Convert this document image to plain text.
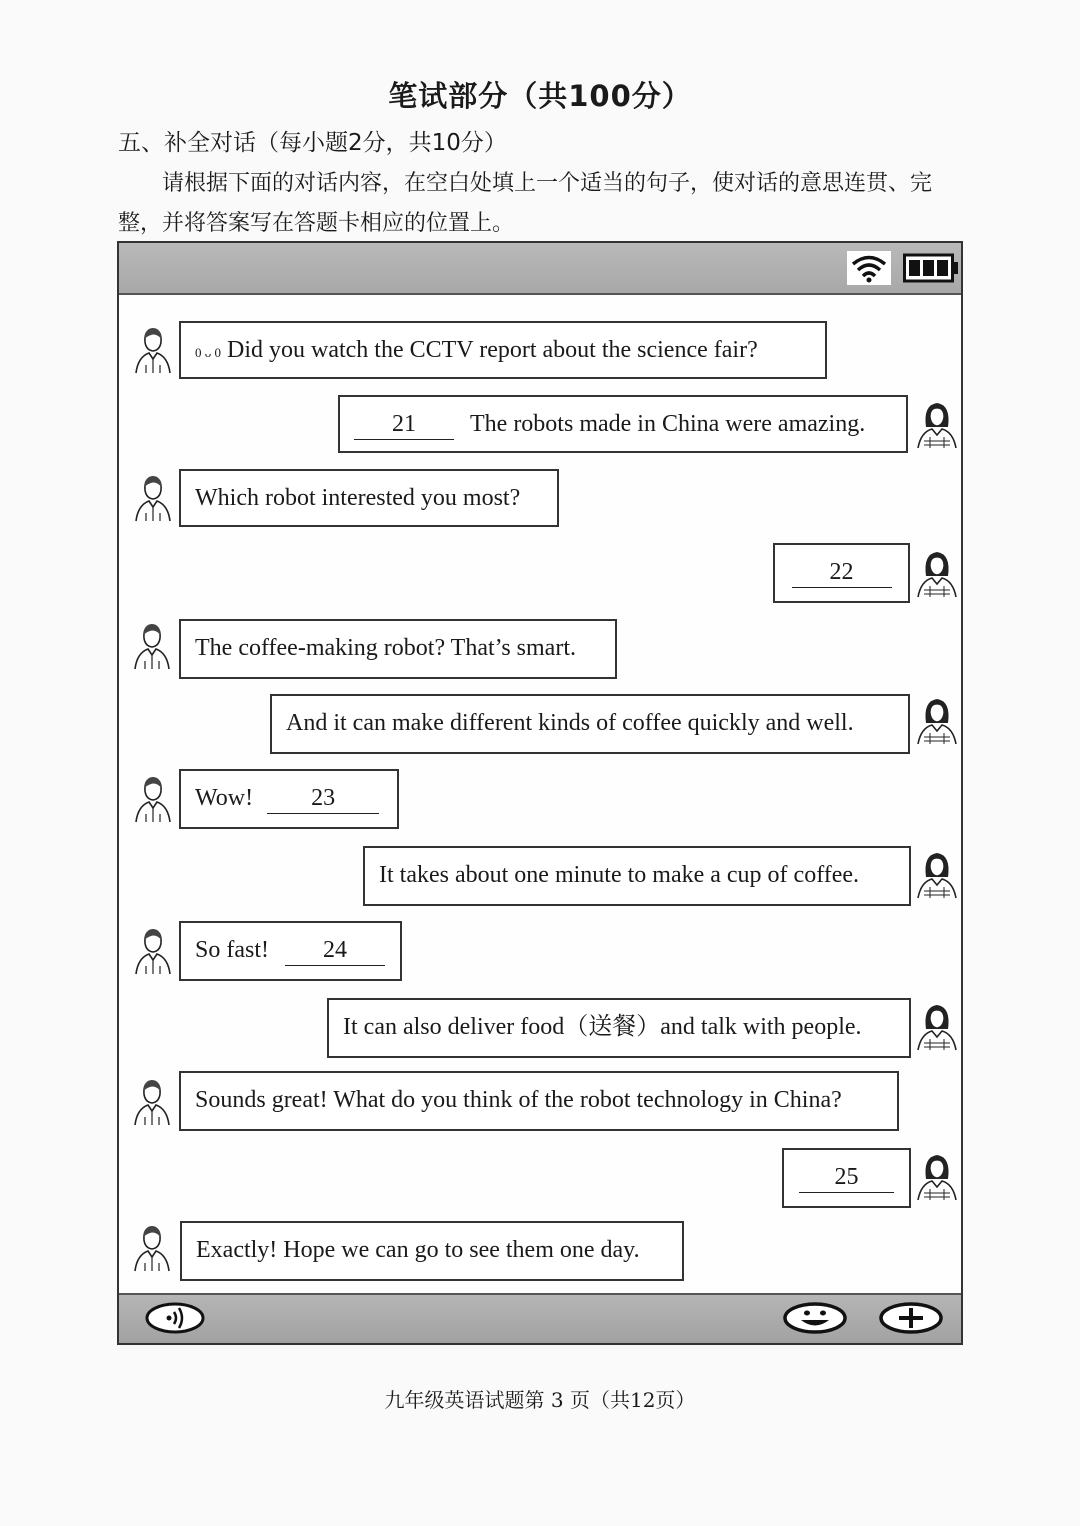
笔试部分（共100分）
五、补全对话（每小题2分，共10分）
请根据下面的对话内容，在空白处填上一个适当的句子，使对话的意思连贯、完整，并将答案写在答题卡相应的位置上。
0 ᴗ 0 Did you watch the CCTV report about the science fair?
21 The robots made in China were amazing.
Which robot interested you most?
22
The coffee-making robot? That’s smart.
And it can make different kinds of coffee quickly and well.
Wow! 23
It takes about one minute to make a cup of coffee.
So fast! 24
It can also deliver food（送餐）and talk with people.
Sounds great! What do you think of the robot technology in China?
25
Exactly! Hope we can go to see them one day.
九年级英语试题第 3 页（共12页）
